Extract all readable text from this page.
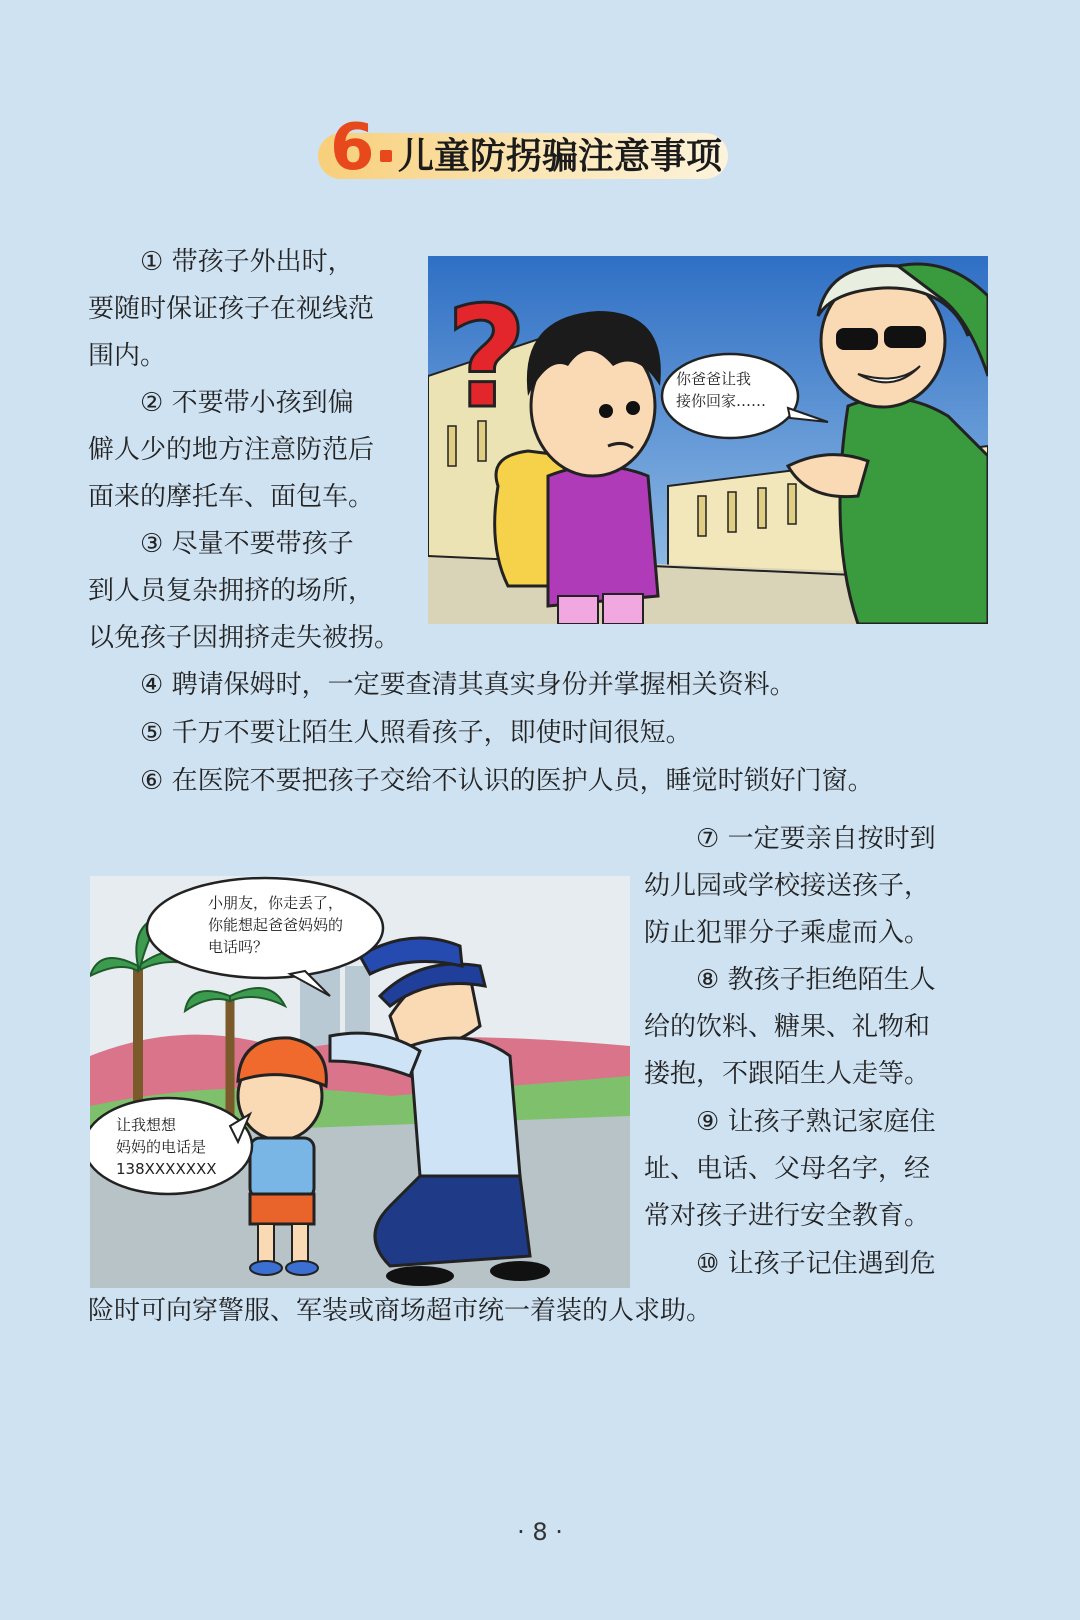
6 儿童防拐骗注意事项
① 带孩子外出时，
要随时保证孩子在视线范
围内。
② 不要带小孩到偏
僻人少的地方注意防范后
面来的摩托车、面包车。
③ 尽量不要带孩子
到人员复杂拥挤的场所，
以免孩子因拥挤走失被拐。
④ 聘请保姆时，一定要查清其真实身份并掌握相关资料。
⑤ 千万不要让陌生人照看孩子，即使时间很短。
⑥ 在医院不要把孩子交给不认识的医护人员，睡觉时锁好门窗。
⑦ 一定要亲自按时到
幼儿园或学校接送孩子，
防止犯罪分子乘虚而入。
⑧ 教孩子拒绝陌生人
给的饮料、糖果、礼物和
搂抱，不跟陌生人走等。
⑨ 让孩子熟记家庭住
址、电话、父母名字，经
常对孩子进行安全教育。
⑩ 让孩子记住遇到危
险时可向穿警服、军装或商场超市统一着装的人求助。
?	你爸爸让我
接你回家……
小朋友，你走丢了，
你能想起爸爸妈妈的
电话吗？
让我想想
妈妈的电话是
138XXXXXXX
· 8 ·
